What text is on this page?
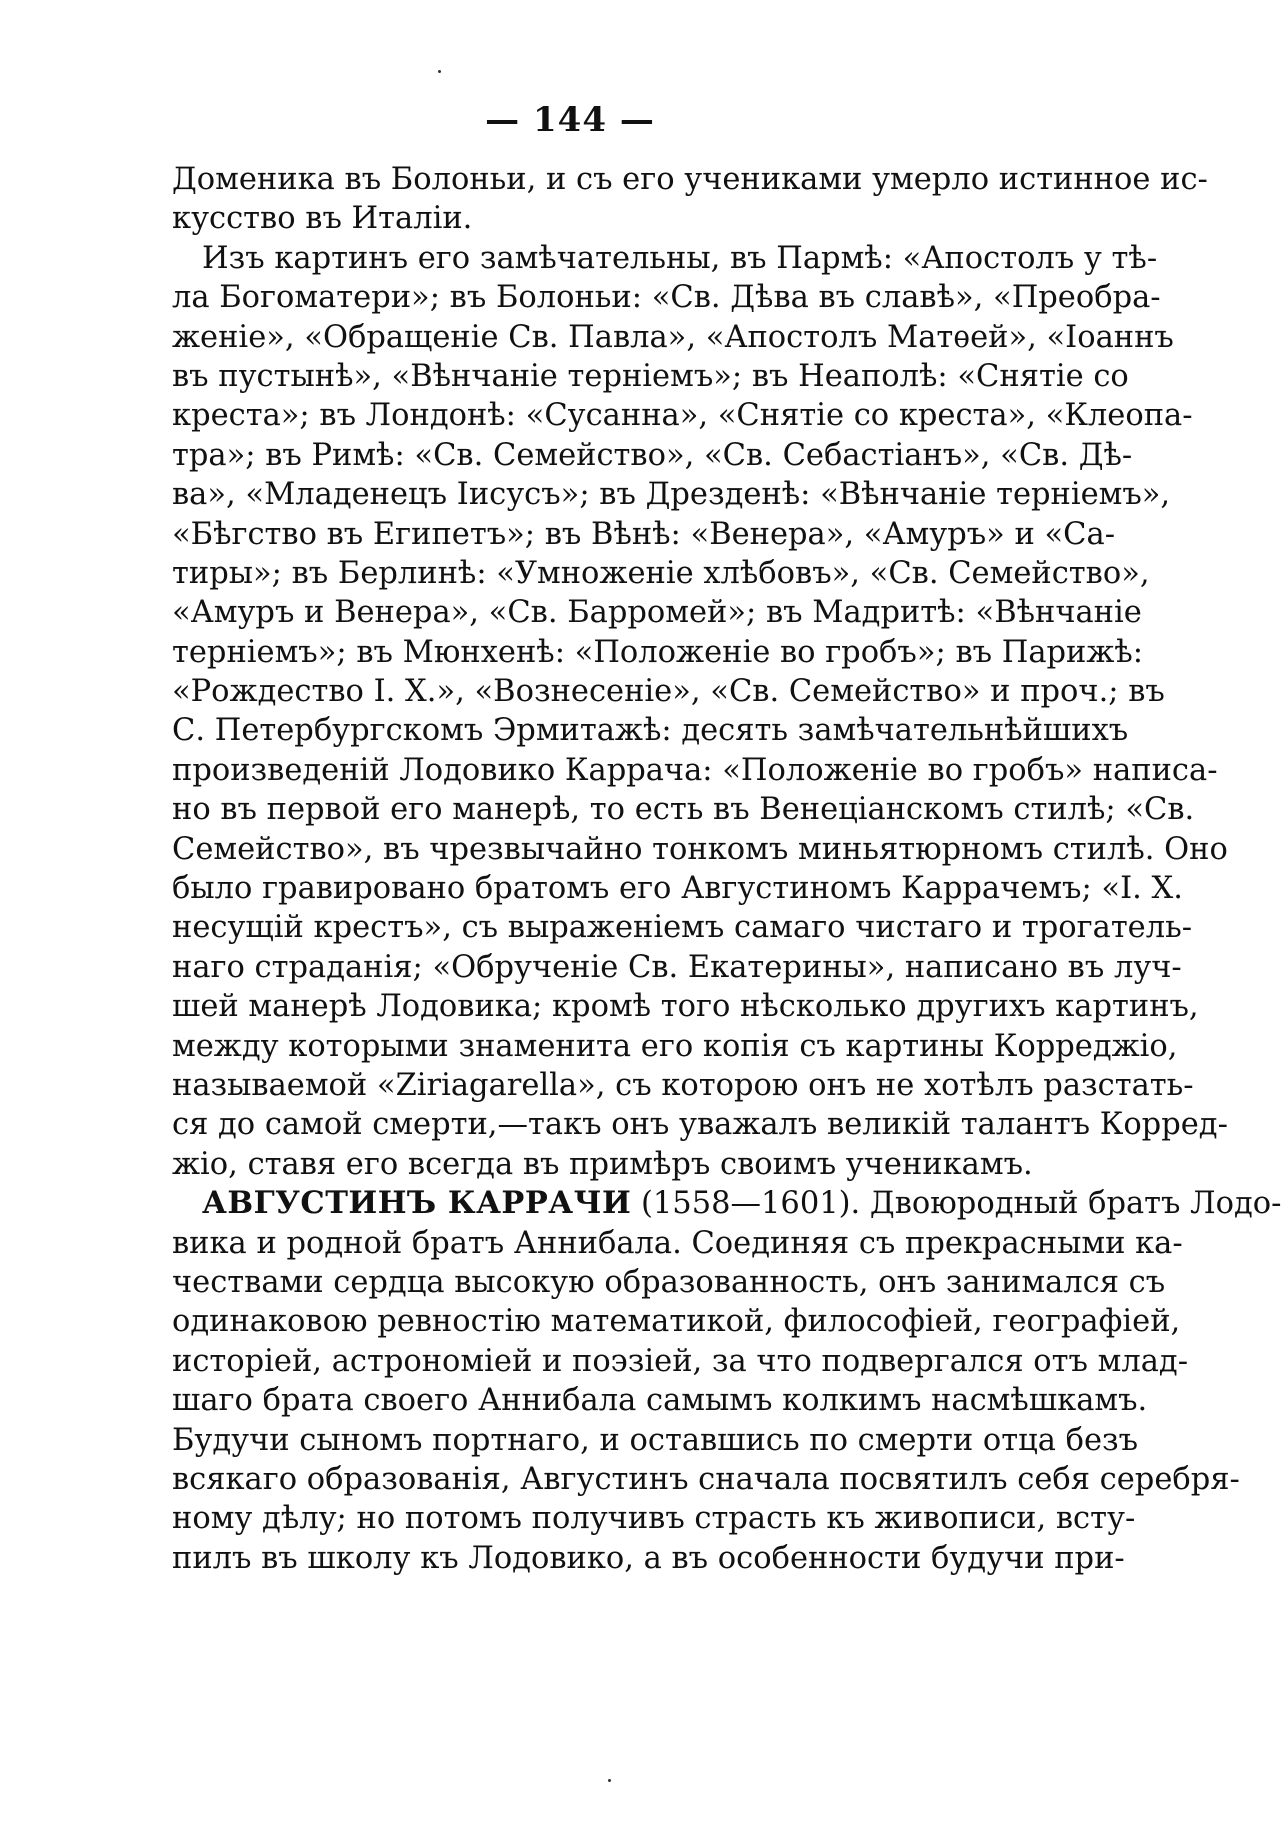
— 144 —
Доменика въ Болоньи, и съ его учениками умерло истинное ис-
кусство въ Италіи.
Изъ картинъ его замѣчательны, въ Пармѣ: «Апостолъ у тѣ-
ла Богоматери»; въ Болоньи: «Св. Дѣва въ славѣ», «Преобра-
женіе», «Обращеніе Св. Павла», «Апостолъ Матѳей», «Іоаннъ
въ пустынѣ», «Вѣнчаніе терніемъ»; въ Неаполѣ: «Снятіе со
креста»; въ Лондонѣ: «Сусанна», «Снятіе со креста», «Клеопа-
тра»; въ Римѣ: «Св. Семейство», «Св. Себастіанъ», «Св. Дѣ-
ва», «Младенецъ Іисусъ»; въ Дрезденѣ: «Вѣнчаніе терніемъ»,
«Бѣгство въ Египетъ»; въ Вѣнѣ: «Венера», «Амуръ» и «Са-
тиры»; въ Берлинѣ: «Умноженіе хлѣбовъ», «Св. Семейство»,
«Амуръ и Венера», «Св. Барромей»; въ Мадритѣ: «Вѣнчаніе
терніемъ»; въ Мюнхенѣ: «Положеніе во гробъ»; въ Парижѣ:
«Рождество І. Х.», «Вознесеніе», «Св. Семейство» и проч.; въ
С. Петербургскомъ Эрмитажѣ: десять замѣчательнѣйшихъ
произведеній Лодовико Каррача: «Положеніе во гробъ» написа-
но въ первой его манерѣ, то есть въ Венеціанскомъ стилѣ; «Св.
Семейство», въ чрезвычайно тонкомъ миньятюрномъ стилѣ. Оно
было гравировано братомъ его Августиномъ Каррачемъ; «І. Х.
несущій крестъ», съ выраженіемъ самаго чистаго и трогатель-
наго страданія; «Обрученіе Св. Екатерины», написано въ луч-
шей манерѣ Лодовика; кромѣ того нѣсколько другихъ картинъ,
между которыми знаменита его копія съ картины Корреджіо,
называемой «Ziriagarella», съ которою онъ не хотѣлъ разстать-
ся до самой смерти,—такъ онъ уважалъ великій талантъ Корред-
жіо, ставя его всегда въ примѣръ своимъ ученикамъ.
АВГУСТИНЪ КАРРАЧИ (1558—1601). Двоюродный братъ Лодо-
вика и родной братъ Аннибала. Соединяя съ прекрасными ка-
чествами сердца высокую образованность, онъ занимался съ
одинаковою ревностію математикой, философіей, географіей,
исторіей, астрономіей и поэзіей, за что подвергался отъ млад-
шаго брата своего Аннибала самымъ колкимъ насмѣшкамъ.
Будучи сыномъ портнаго, и оставшись по смерти отца безъ
всякаго образованія, Августинъ сначала посвятилъ себя серебря-
ному дѣлу; но потомъ получивъ страсть къ живописи, всту-
пилъ въ школу къ Лодовико, а въ особенности будучи при-
